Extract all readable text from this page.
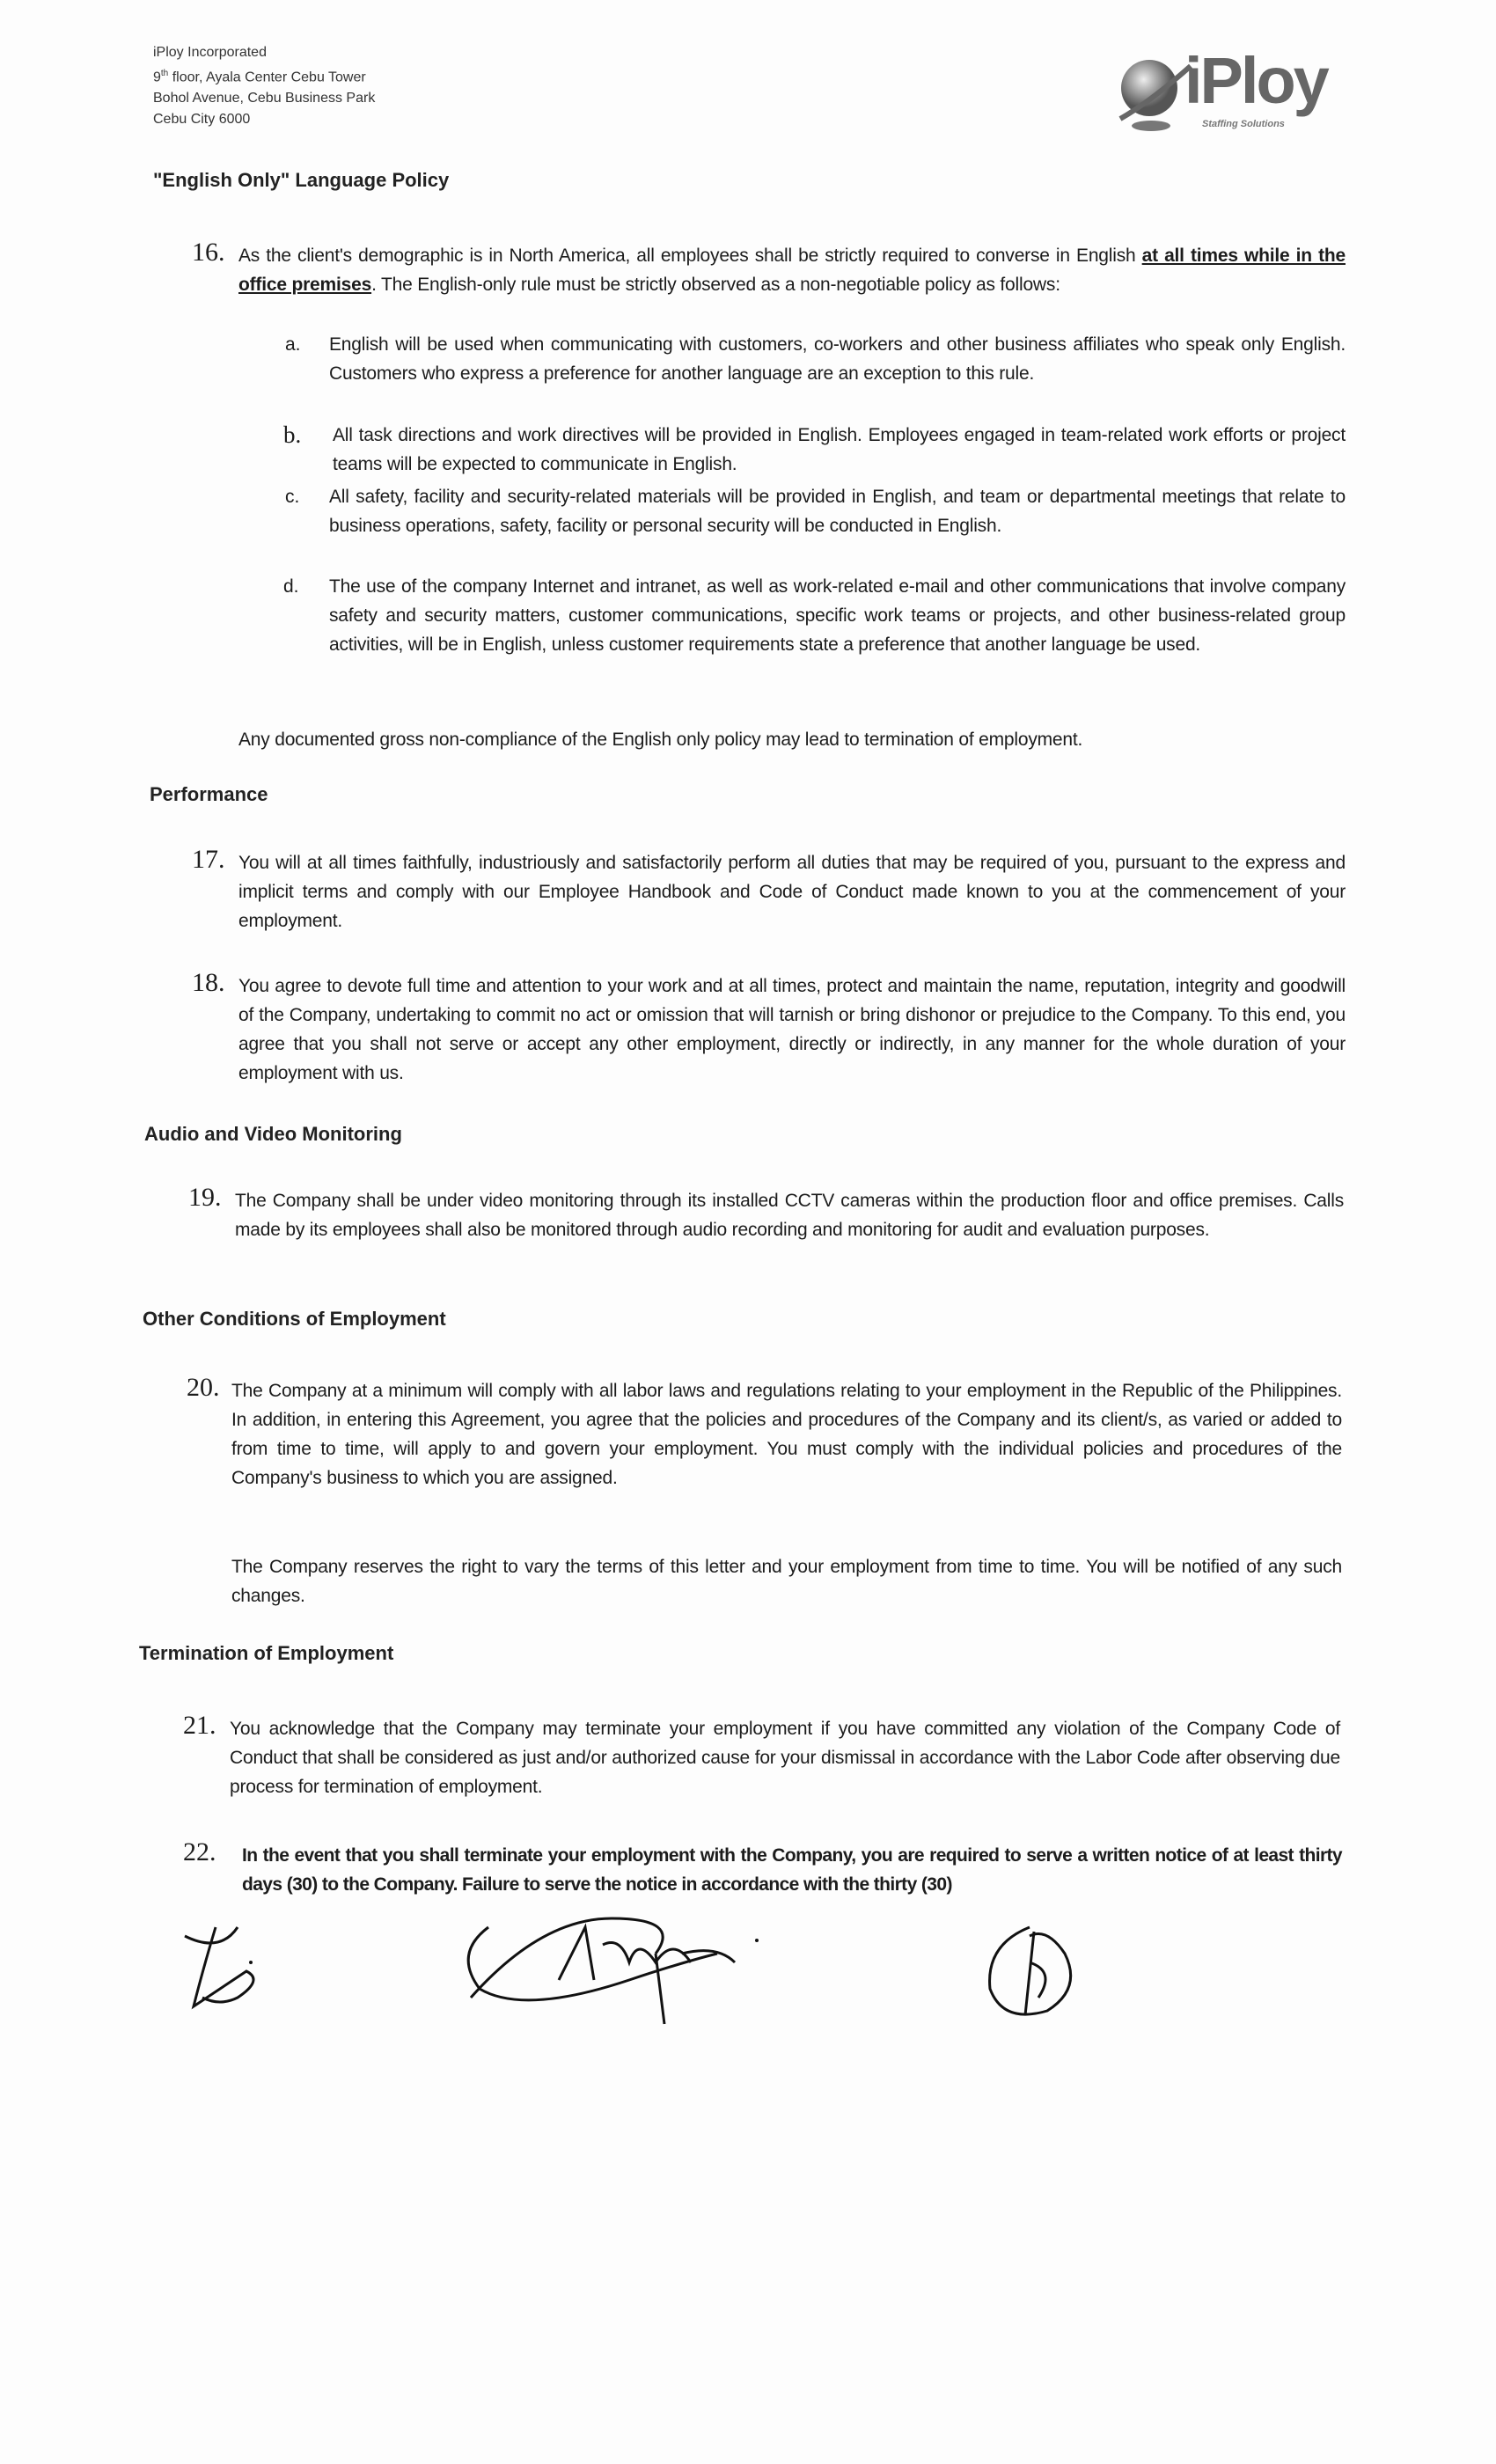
iPloy Incorporated
9th floor, Ayala Center Cebu Tower
Bohol Avenue, Cebu Business Park
Cebu City 6000
iPloy
Staffing Solutions
"English Only" Language Policy
16. As the client's demographic is in North America, all employees shall be strictly required to converse in English at all times while in the office premises. The English-only rule must be strictly observed as a non-negotiable policy as follows:
a. English will be used when communicating with customers, co-workers and other business affiliates who speak only English. Customers who express a preference for another language are an exception to this rule.
b. All task directions and work directives will be provided in English. Employees engaged in team-related work efforts or project teams will be expected to communicate in English.
c. All safety, facility and security-related materials will be provided in English, and team or departmental meetings that relate to business operations, safety, facility or personal security will be conducted in English.
d. The use of the company Internet and intranet, as well as work-related e-mail and other communications that involve company safety and security matters, customer communications, specific work teams or projects, and other business-related group activities, will be in English, unless customer requirements state a preference that another language be used.
Any documented gross non-compliance of the English only policy may lead to termination of employment.
Performance
17. You will at all times faithfully, industriously and satisfactorily perform all duties that may be required of you, pursuant to the express and implicit terms and comply with our Employee Handbook and Code of Conduct made known to you at the commencement of your employment.
18. You agree to devote full time and attention to your work and at all times, protect and maintain the name, reputation, integrity and goodwill of the Company, undertaking to commit no act or omission that will tarnish or bring dishonor or prejudice to the Company. To this end, you agree that you shall not serve or accept any other employment, directly or indirectly, in any manner for the whole duration of your employment with us.
Audio and Video Monitoring
19. The Company shall be under video monitoring through its installed CCTV cameras within the production floor and office premises. Calls made by its employees shall also be monitored through audio recording and monitoring for audit and evaluation purposes.
Other Conditions of Employment
20. The Company at a minimum will comply with all labor laws and regulations relating to your employment in the Republic of the Philippines. In addition, in entering this Agreement, you agree that the policies and procedures of the Company and its client/s, as varied or added to from time to time, will apply to and govern your employment. You must comply with the individual policies and procedures of the Company's business to which you are assigned.
The Company reserves the right to vary the terms of this letter and your employment from time to time. You will be notified of any such changes.
Termination of Employment
21. You acknowledge that the Company may terminate your employment if you have committed any violation of the Company Code of Conduct that shall be considered as just and/or authorized cause for your dismissal in accordance with the Labor Code after observing due process for termination of employment.
22. In the event that you shall terminate your employment with the Company, you are required to serve a written notice of at least thirty days (30) to the Company. Failure to serve the notice in accordance with the thirty (30)
